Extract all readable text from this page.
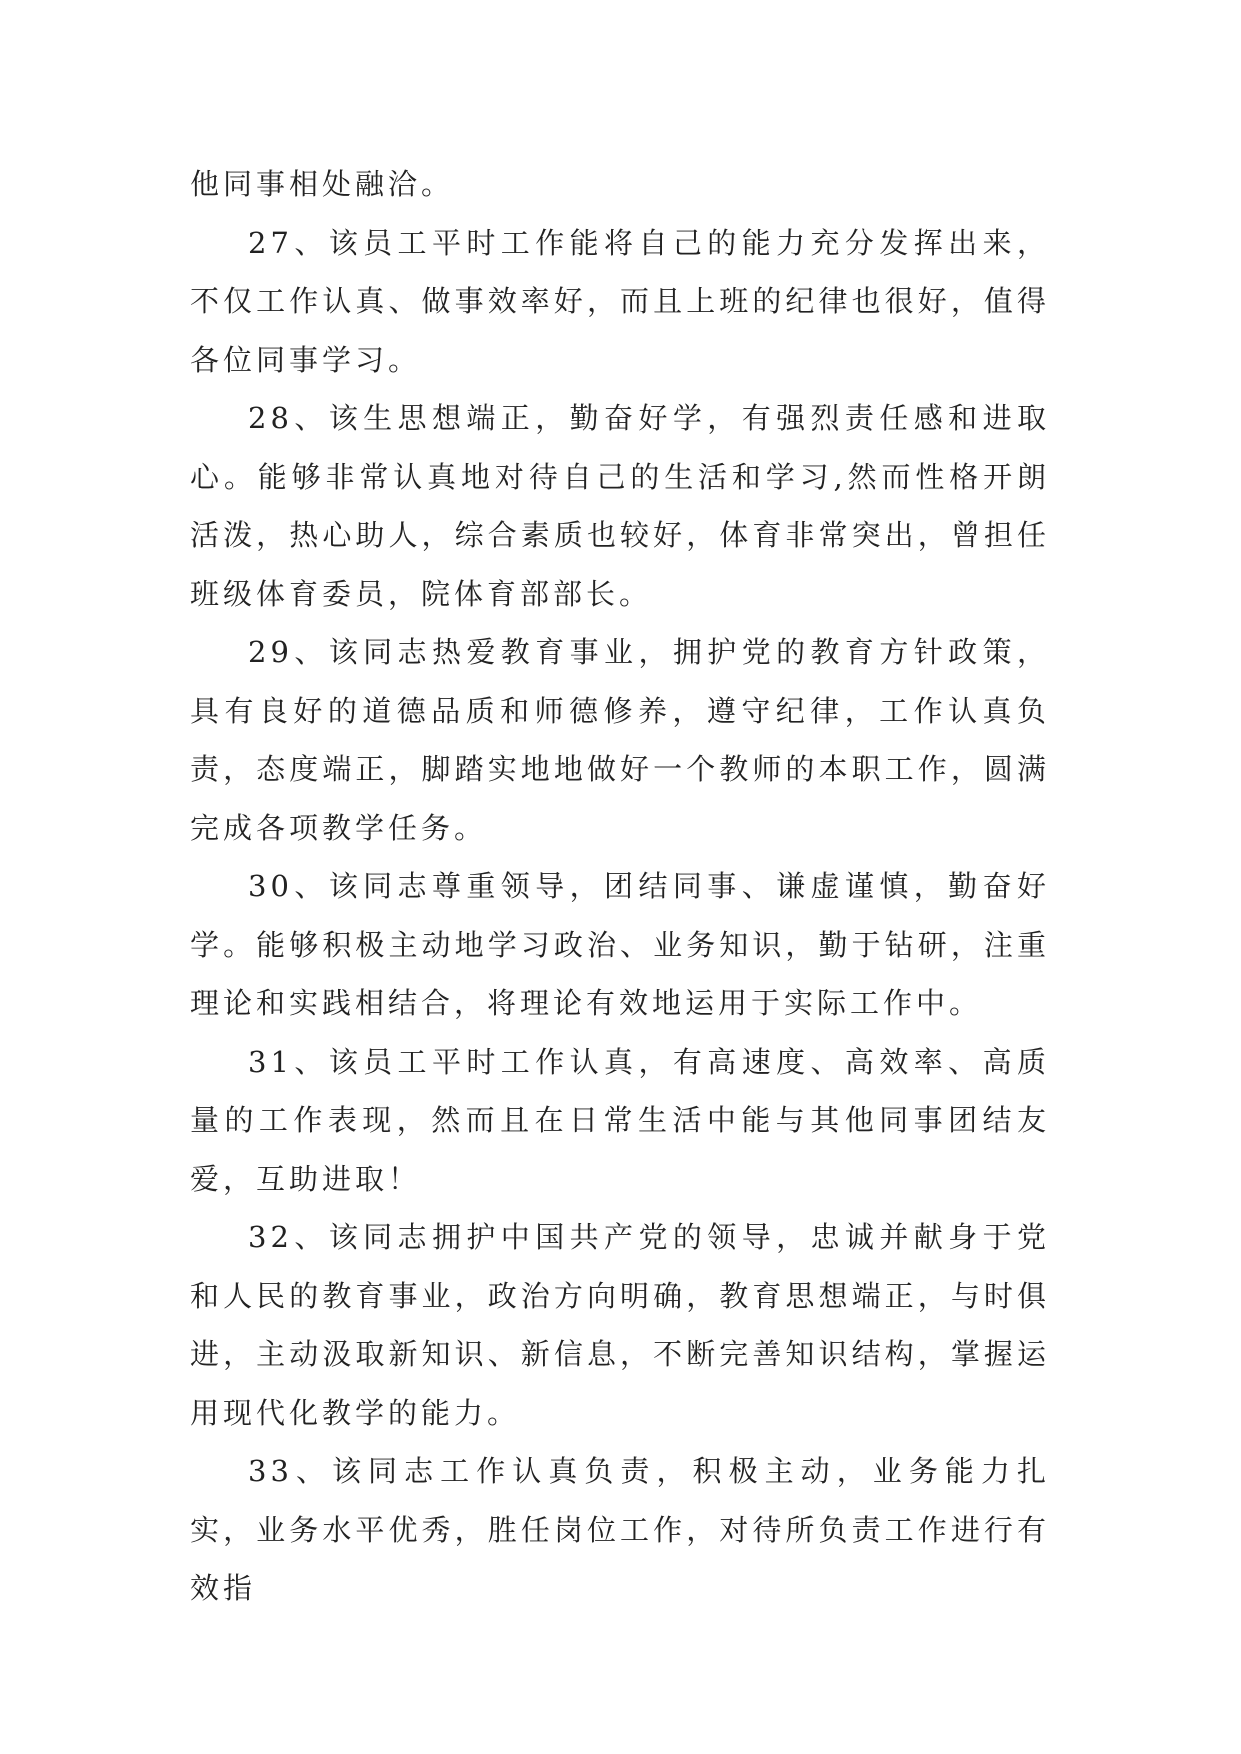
他同事相处融洽。

27、该员工平时工作能将自己的能力充分发挥出来，不仅工作认真、做事效率好，而且上班的纪律也很好，值得各位同事学习。

28、该生思想端正，勤奋好学，有强烈责任感和进取心。能够非常认真地对待自己的生活和学习,然而性格开朗活泼，热心助人，综合素质也较好，体育非常突出，曾担任班级体育委员，院体育部部长。

29、该同志热爱教育事业，拥护党的教育方针政策，具有良好的道德品质和师德修养，遵守纪律，工作认真负责，态度端正，脚踏实地地做好一个教师的本职工作，圆满完成各项教学任务。

30、该同志尊重领导，团结同事、谦虚谨慎，勤奋好学。能够积极主动地学习政治、业务知识，勤于钻研，注重理论和实践相结合，将理论有效地运用于实际工作中。

31、该员工平时工作认真，有高速度、高效率、高质量的工作表现，然而且在日常生活中能与其他同事团结友爱，互助进取！

32、该同志拥护中国共产党的领导，忠诚并献身于党和人民的教育事业，政治方向明确，教育思想端正，与时俱进，主动汲取新知识、新信息，不断完善知识结构，掌握运用现代化教学的能力。

33、该同志工作认真负责，积极主动，业务能力扎实，业务水平优秀，胜任岗位工作，对待所负责工作进行有效指
